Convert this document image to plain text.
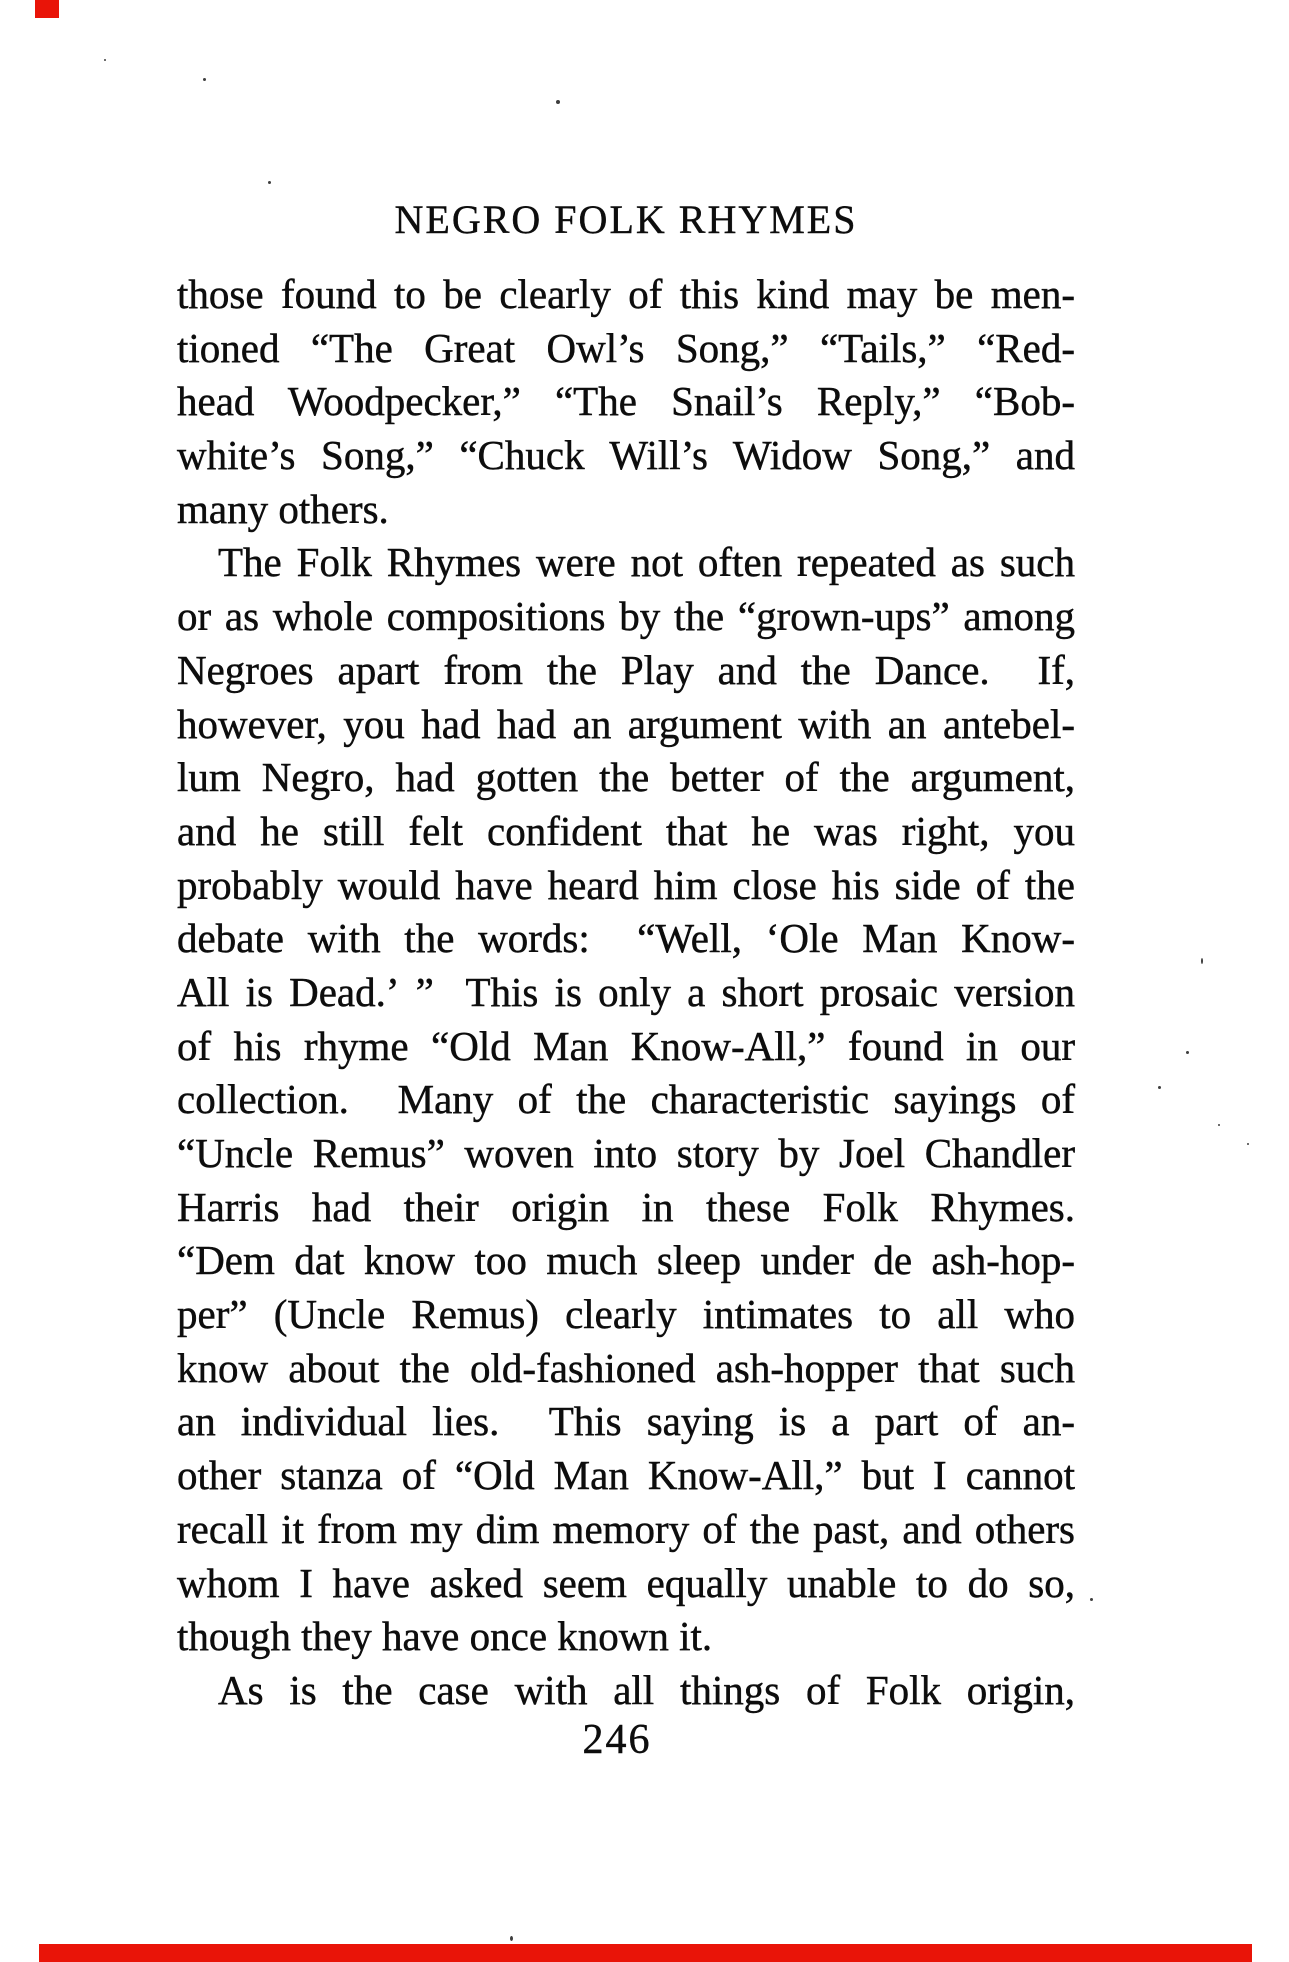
NEGRO FOLK RHYMES
those found to be clearly of this kind may be men-
tioned “The Great Owl’s Song,” “Tails,” “Red-
head Woodpecker,” “The Snail’s Reply,” “Bob-
white’s Song,” “Chuck Will’s Widow Song,” and
many others.
The Folk Rhymes were not often repeated as such
or as whole compositions by the “grown-ups” among
Negroes apart from the Play and the Dance.  If,
however, you had had an argument with an antebel-
lum Negro, had gotten the better of the argument,
and he still felt confident that he was right, you
probably would have heard him close his side of the
debate with the words:  “Well, ‘Ole Man Know-
All is Dead.’ ”  This is only a short prosaic version
of his rhyme “Old Man Know-All,” found in our
collection.  Many of the characteristic sayings of
“Uncle Remus” woven into story by Joel Chandler
Harris had their origin in these Folk Rhymes.
“Dem dat know too much sleep under de ash-hop-
per” (Uncle Remus) clearly intimates to all who
know about the old-fashioned ash-hopper that such
an individual lies.  This saying is a part of an-
other stanza of “Old Man Know-All,” but I cannot
recall it from my dim memory of the past, and others
whom I have asked seem equally unable to do so,
though they have once known it.
As is the case with all things of Folk origin,
246
